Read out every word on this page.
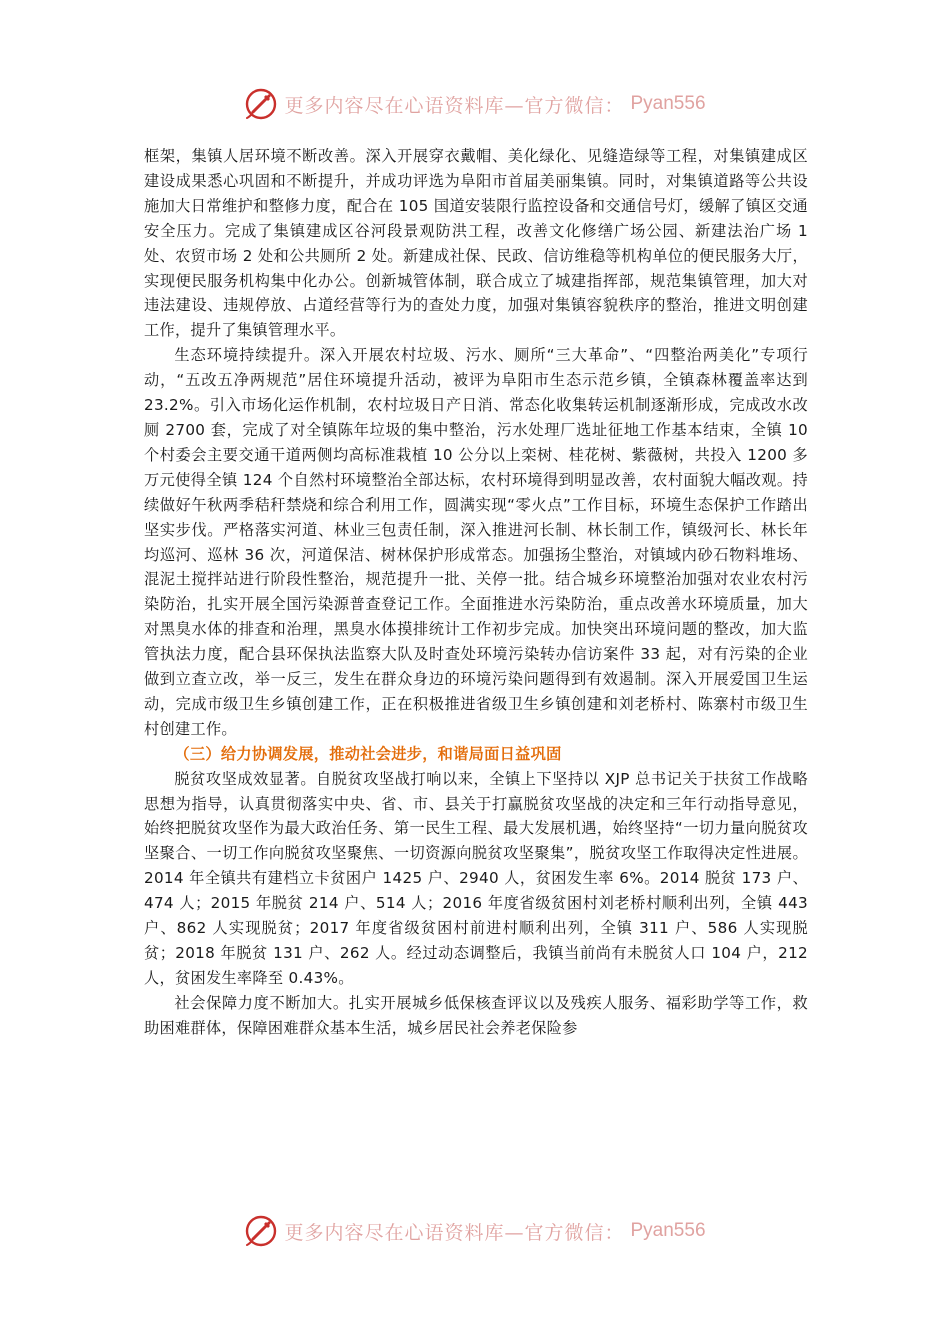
更多内容尽在心语资料库—官方微信： Pyan556

框架，集镇人居环境不断改善。深入开展穿衣戴帽、美化绿化、见缝造绿等工程，对集镇建成区建设成果悉心巩固和不断提升，并成功评选为阜阳市首届美丽集镇。同时，对集镇道路等公共设施加大日常维护和整修力度，配合在 105 国道安装限行监控设备和交通信号灯，缓解了镇区交通安全压力。完成了集镇建成区谷河段景观防洪工程，改善文化修缮广场公园、新建法治广场 1 处、农贸市场 2 处和公共厕所 2 处。新建成社保、民政、信访维稳等机构单位的便民服务大厅，实现便民服务机构集中化办公。创新城管体制，联合成立了城建指挥部，规范集镇管理，加大对违法建设、违规停放、占道经营等行为的查处力度，加强对集镇容貌秩序的整治，推进文明创建工作，提升了集镇管理水平。

生态环境持续提升。深入开展农村垃圾、污水、厕所“三大革命”、“四整治两美化”专项行动，“五改五净两规范”居住环境提升活动，被评为阜阳市生态示范乡镇，全镇森林覆盖率达到 23.2%。引入市场化运作机制，农村垃圾日产日消、常态化收集转运机制逐渐形成，完成改水改厕 2700 套，完成了对全镇陈年垃圾的集中整治，污水处理厂选址征地工作基本结束，全镇 10 个村委会主要交通干道两侧均高标准栽植 10 公分以上栾树、桂花树、紫薇树，共投入 1200 多万元使得全镇 124 个自然村环境整治全部达标，农村环境得到明显改善，农村面貌大幅改观。持续做好午秋两季秸秆禁烧和综合利用工作，圆满实现“零火点”工作目标，环境生态保护工作踏出坚实步伐。严格落实河道、林业三包责任制，深入推进河长制、林长制工作，镇级河长、林长年均巡河、巡林 36 次，河道保洁、树林保护形成常态。加强扬尘整治，对镇域内砂石物料堆场、混泥土搅拌站进行阶段性整治，规范提升一批、关停一批。结合城乡环境整治加强对农业农村污染防治，扎实开展全国污染源普查登记工作。全面推进水污染防治，重点改善水环境质量，加大对黑臭水体的排查和治理，黑臭水体摸排统计工作初步完成。加快突出环境问题的整改，加大监管执法力度，配合县环保执法监察大队及时查处环境污染转办信访案件 33 起，对有污染的企业做到立查立改，举一反三，发生在群众身边的环境污染问题得到有效遏制。深入开展爱国卫生运动，完成市级卫生乡镇创建工作，正在积极推进省级卫生乡镇创建和刘老桥村、陈寨村市级卫生村创建工作。

（三）给力协调发展，推动社会进步，和谐局面日益巩固

脱贫攻坚成效显著。自脱贫攻坚战打响以来，全镇上下坚持以 XJP 总书记关于扶贫工作战略思想为指导，认真贯彻落实中央、省、市、县关于打赢脱贫攻坚战的决定和三年行动指导意见，始终把脱贫攻坚作为最大政治任务、第一民生工程、最大发展机遇，始终坚持“一切力量向脱贫攻坚聚合、一切工作向脱贫攻坚聚焦、一切资源向脱贫攻坚聚集”，脱贫攻坚工作取得决定性进展。2014 年全镇共有建档立卡贫困户 1425 户、2940 人，贫困发生率 6%。2014 脱贫 173 户、474 人；2015 年脱贫 214 户、514 人；2016 年度省级贫困村刘老桥村顺利出列，全镇 443 户、862 人实现脱贫；2017 年度省级贫困村前进村顺利出列，全镇 311 户、586 人实现脱贫；2018 年脱贫 131 户、262 人。经过动态调整后，我镇当前尚有未脱贫人口 104 户，212 人，贫困发生率降至 0.43%。

社会保障力度不断加大。扎实开展城乡低保核查评议以及残疾人服务、福彩助学等工作，救助困难群体，保障困难群众基本生活，城乡居民社会养老保险参

更多内容尽在心语资料库—官方微信： Pyan556
